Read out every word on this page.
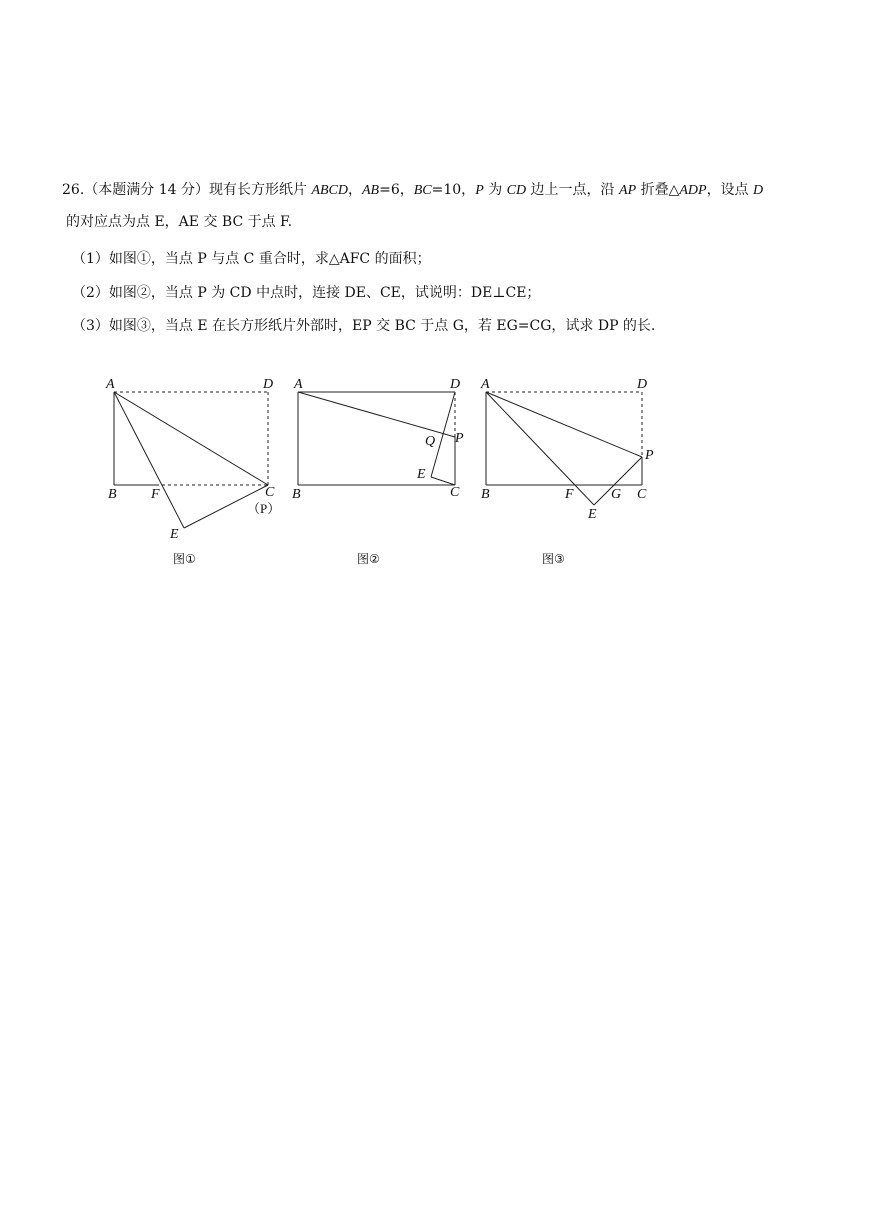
26.（本题满分 14 分）现有长方形纸片 ABCD，AB=6，BC=10，P 为 CD 边上一点，沿 AP 折叠△ADP，设点 D
的对应点为点 E，AE 交 BC 于点 F.
（1）如图①，当点 P 与点 C 重合时，求△AFC 的面积；
（2）如图②，当点 P 为 CD 中点时，连接 DE、CE，试说明：DE⊥CE；
（3）如图③，当点 E 在长方形纸片外部时，EP 交 BC 于点 G，若 EG=CG，试求 DP 的长.
A	D
B F	C
（P）
E
图①
A	D
Q P
E
B	C
图②
A	D
P
B	F	G C
E
图③
